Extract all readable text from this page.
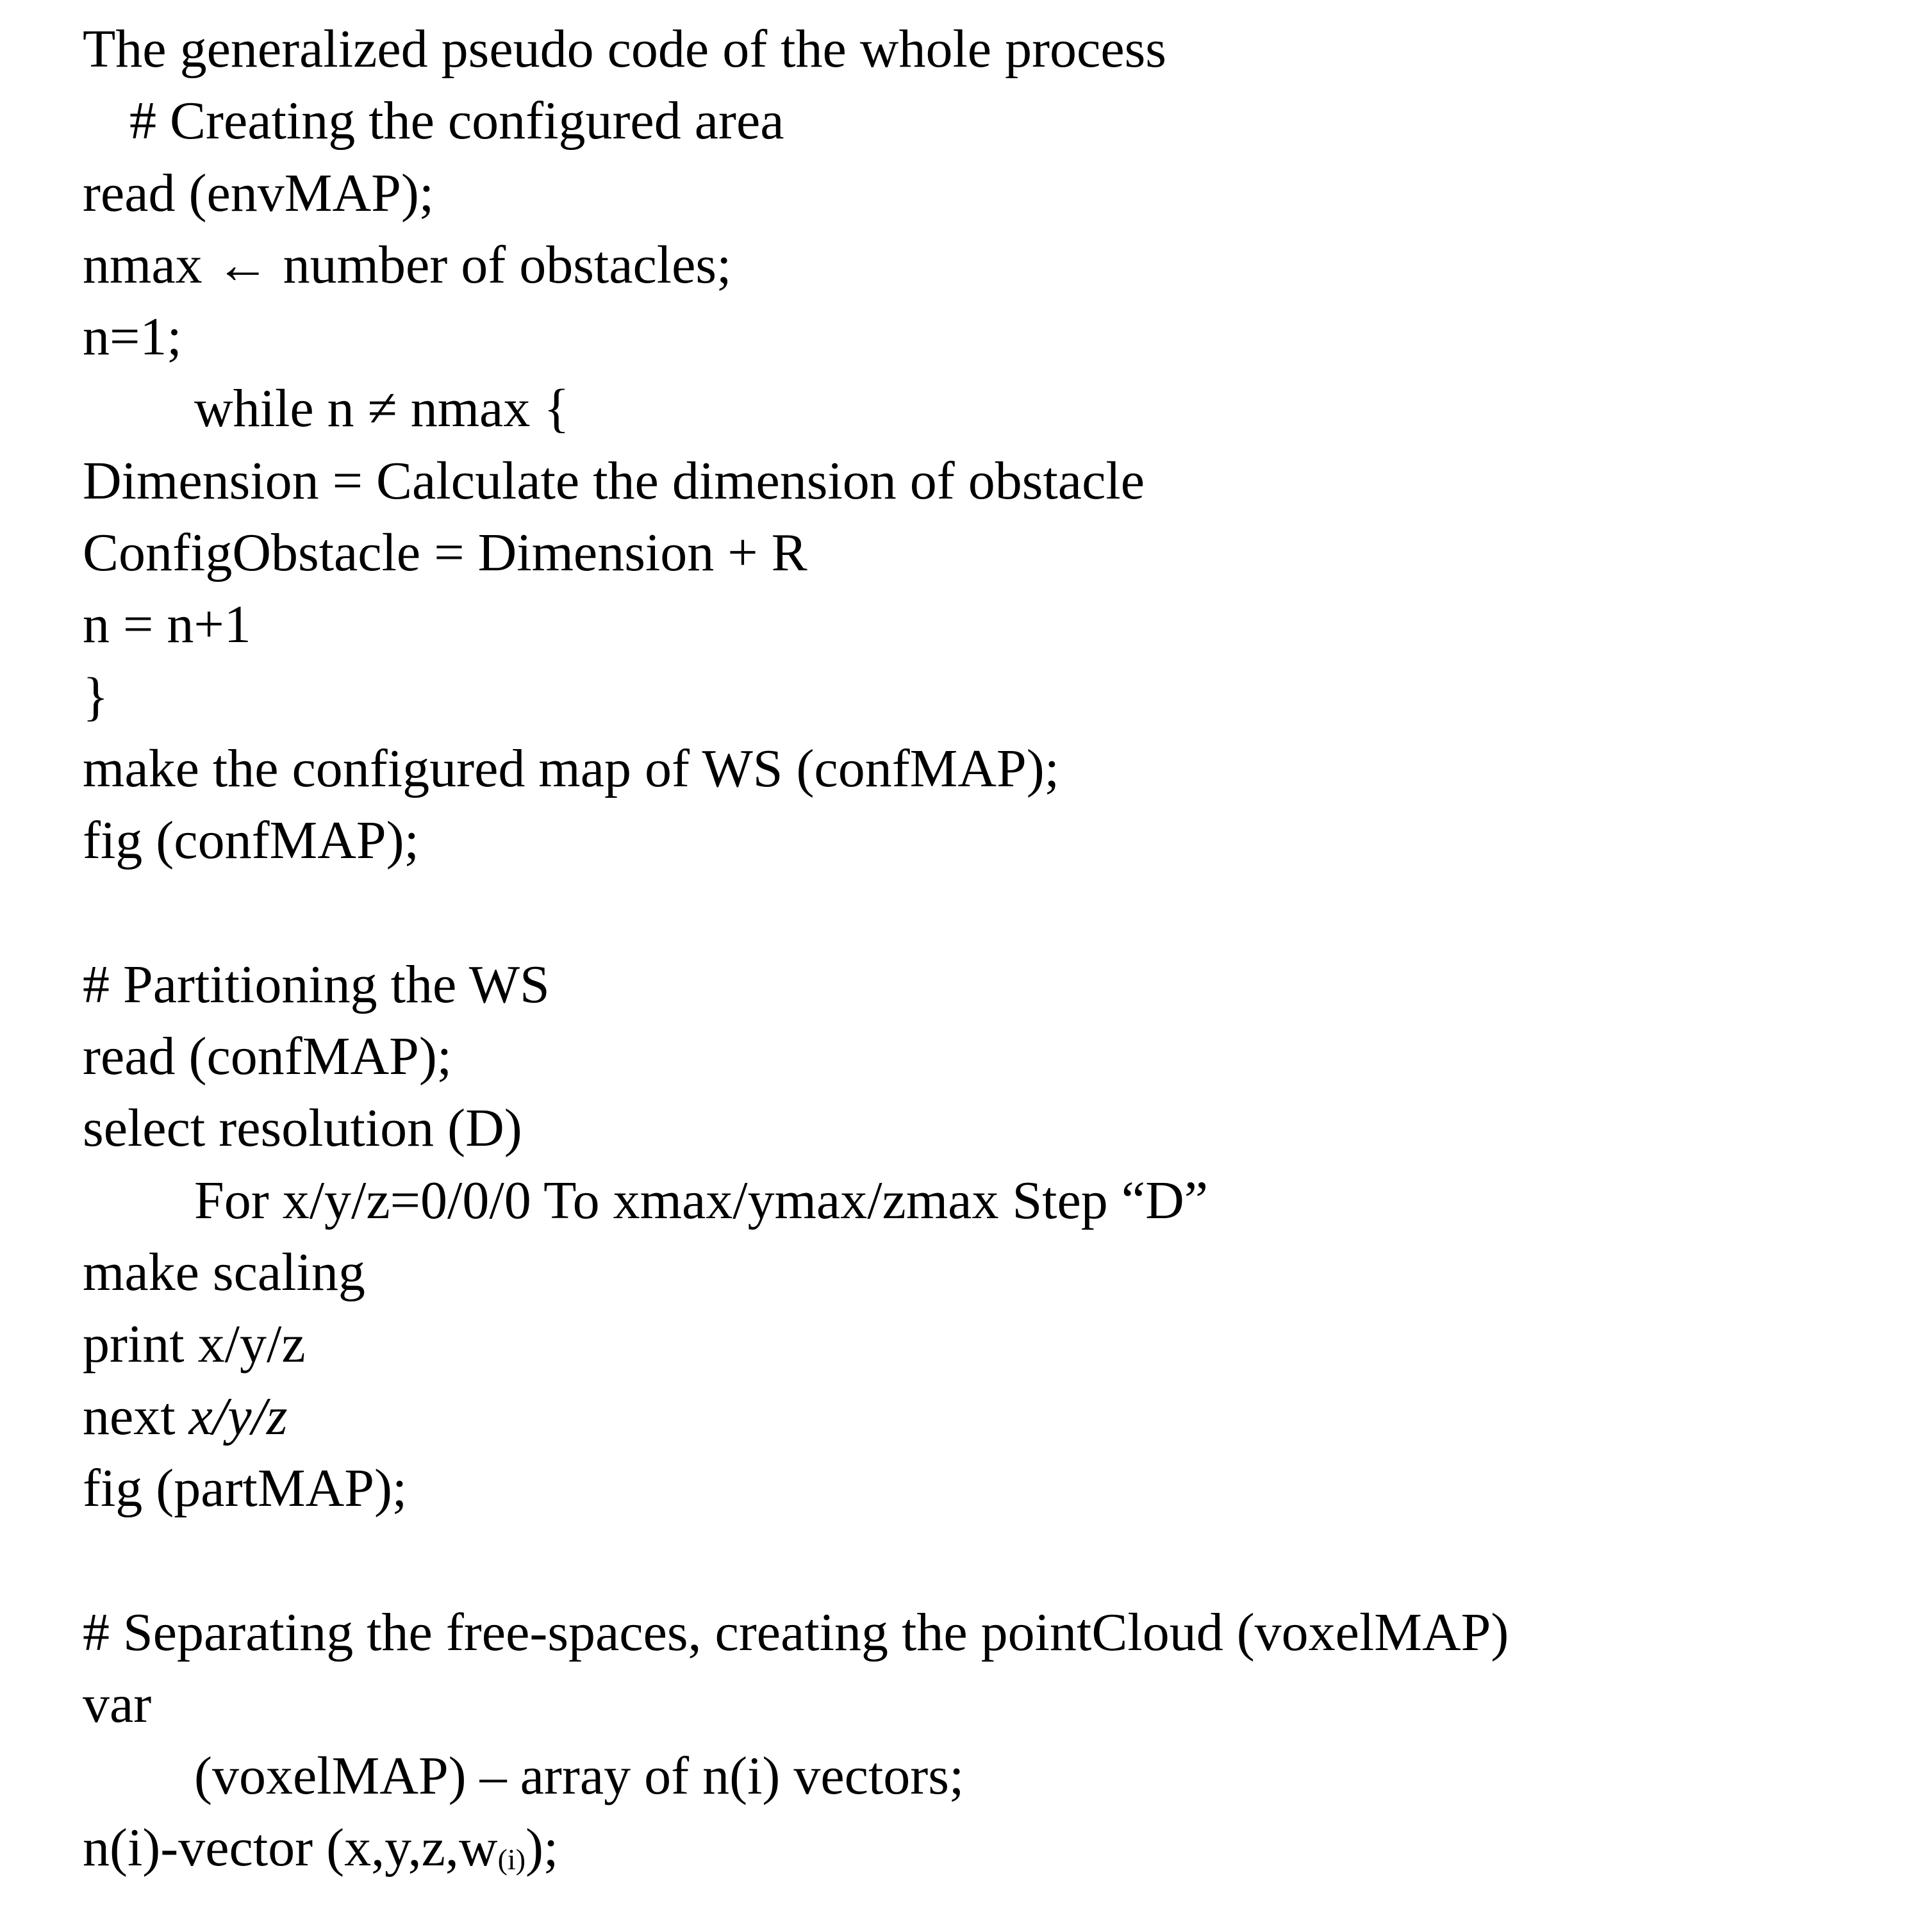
The generalized pseudo code of the whole process
# Creating the configured area
read (envMAP);
nmax ← number of obstacles;
n=1;
while n ≠ nmax {
Dimension = Calculate the dimension of obstacle
ConfigObstacle = Dimension + R
n = n+1
}
make the configured map of WS (confMAP);
fig (confMAP);
# Partitioning the WS
read (confMAP);
select resolution (D)
For x/y/z=0/0/0 To xmax/ymax/zmax Step “D”
make scaling
print x/y/z
next x/y/z
fig (partMAP);
# Separating the free-spaces, creating the pointCloud (voxelMAP)
var
(voxelMAP) – array of n(i) vectors;
n(i)-vector (x,y,z,w(i));
